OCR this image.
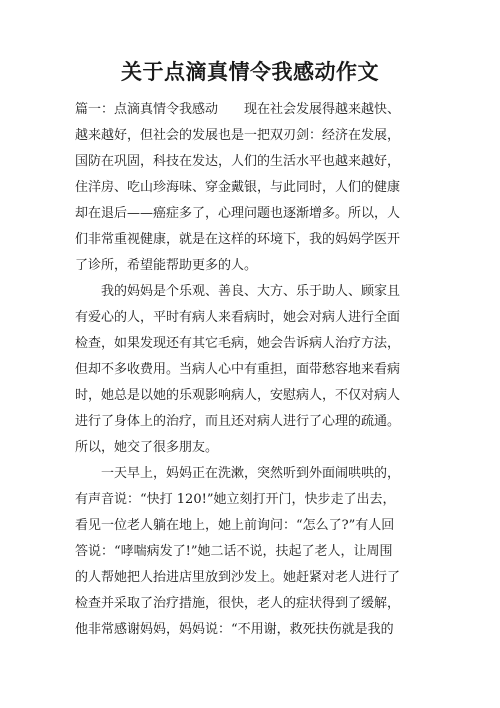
关于点滴真情令我感动作文
篇一：点滴真情令我感动　　现在社会发展得越来越快、
越来越好，但社会的发展也是一把双刃剑：经济在发展，
国防在巩固，科技在发达，人们的生活水平也越来越好，
住洋房、吃山珍海味、穿金戴银，与此同时，人们的健康
却在退后——癌症多了，心理问题也逐渐增多。所以，人
们非常重视健康，就是在这样的环境下，我的妈妈学医开
了诊所，希望能帮助更多的人。
我的妈妈是个乐观、善良、大方、乐于助人、顾家且
有爱心的人，平时有病人来看病时，她会对病人进行全面
检查，如果发现还有其它毛病，她会告诉病人治疗方法，
但却不多收费用。当病人心中有重担，面带愁容地来看病
时，她总是以她的乐观影响病人，安慰病人，不仅对病人
进行了身体上的治疗，而且还对病人进行了心理的疏通。
所以，她交了很多朋友。
一天早上，妈妈正在洗漱，突然听到外面闹哄哄的，
有声音说：“快打 120!”她立刻打开门，快步走了出去，
看见一位老人躺在地上，她上前询问：“怎么了?”有人回
答说：“哮喘病发了!”她二话不说，扶起了老人，让周围
的人帮她把人抬进店里放到沙发上。她赶紧对老人进行了
检查并采取了治疗措施，很快，老人的症状得到了缓解，
他非常感谢妈妈，妈妈说：“不用谢，救死扶伤就是我的
